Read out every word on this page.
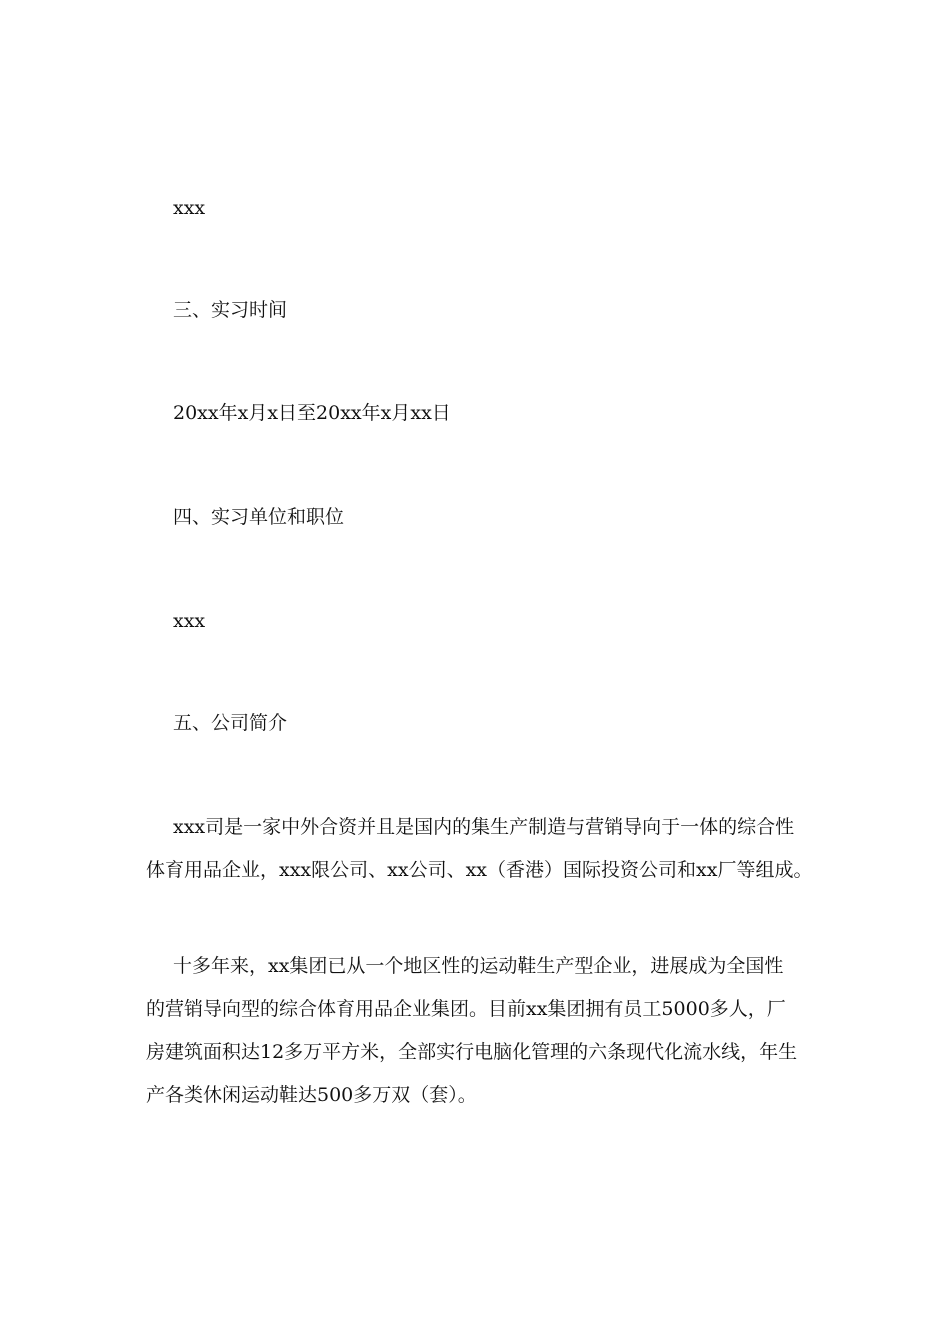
xxx
三、实习时间
20xx年x月x日至20xx年x月xx日
四、实习单位和职位
xxx
五、公司简介
xxx司是一家中外合资并且是国内的集生产制造与营销导向于一体的综合性
体育用品企业，xxx限公司、xx公司、xx（香港）国际投资公司和xx厂等组成。
十多年来，xx集团已从一个地区性的运动鞋生产型企业，进展成为全国性
的营销导向型的综合体育用品企业集团。目前xx集团拥有员工5000多人，厂
房建筑面积达12多万平方米，全部实行电脑化管理的六条现代化流水线，年生
产各类休闲运动鞋达500多万双（套）。
